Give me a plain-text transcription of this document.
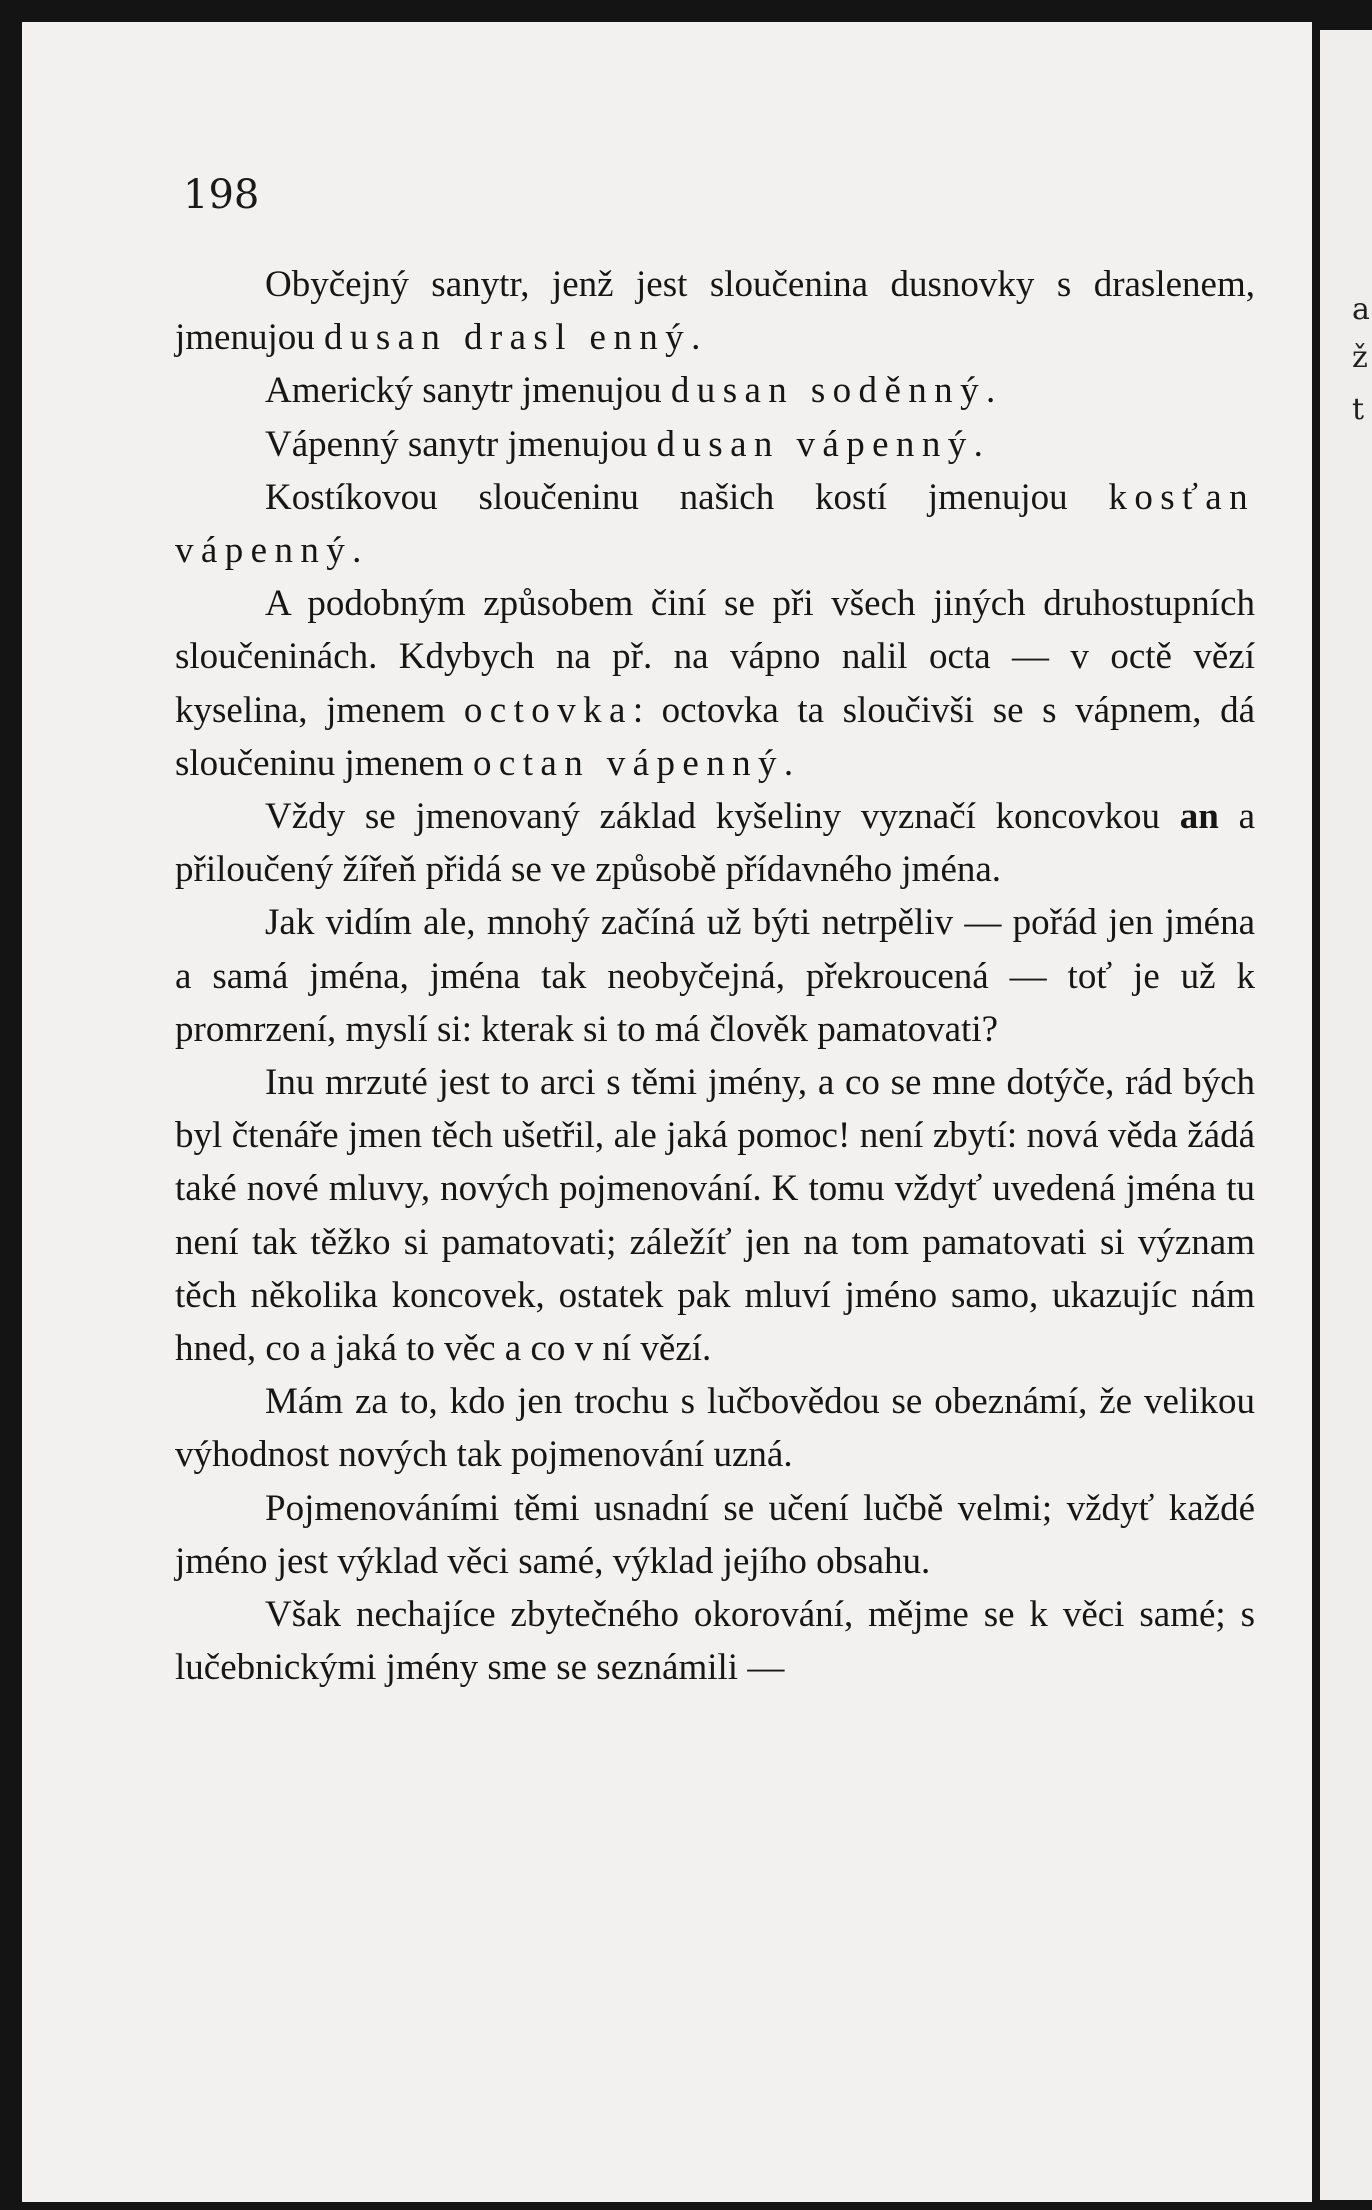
a
ž
t
198

Obyčejný sanytr, jenž jest sloučenina dusnovky s draslenem, jmenujou dusan drasl enný.

Americký sanytr jmenujou dusan soděnný.

Vápenný sanytr jmenujou dusan vápenný.

Kostíkovou sloučeninu našich kostí jmenujou kosťan vápenný.

A podobným způsobem činí se při všech jiných druhostupních sloučeninách. Kdybych na př. na vápno nalil octa — v octě vězí kyselina, jmenem octovka: octovka ta sloučivši se s vápnem, dá sloučeninu jmenem octan vápenný.

Vždy se jmenovaný základ kyšeliny vyznačí koncovkou an a přiloučený žířeň přidá se ve způsobě přídavného jména.

Jak vidím ale, mnohý začíná už býti netrpěliv — pořád jen jména a samá jména, jména tak neobyčejná, překroucená — toť je už k promrzení, myslí si: kterak si to má člověk pamatovati?

Inu mrzuté jest to arci s těmi jmény, a co se mne dotýče, rád bých byl čtenáře jmen těch ušetřil, ale jaká pomoc! není zbytí: nová věda žádá také nové mluvy, nových pojmenování. K tomu vždyť uvedená jména tu není tak těžko si pamatovati; záležíť jen na tom pamatovati si význam těch několika koncovek, ostatek pak mluví jméno samo, ukazujíc nám hned, co a jaká to věc a co v ní vězí.

Mám za to, kdo jen trochu s lučbovědou se obeznámí, že velikou výhodnost nových tak pojmenování uzná.

Pojmenováními těmi usnadní se učení lučbě velmi; vždyť každé jméno jest výklad věci samé, výklad jejího obsahu.

Však nechajíce zbytečného okorování, mějme se k věci samé; s lučebnickými jmény sme se seznámili —
